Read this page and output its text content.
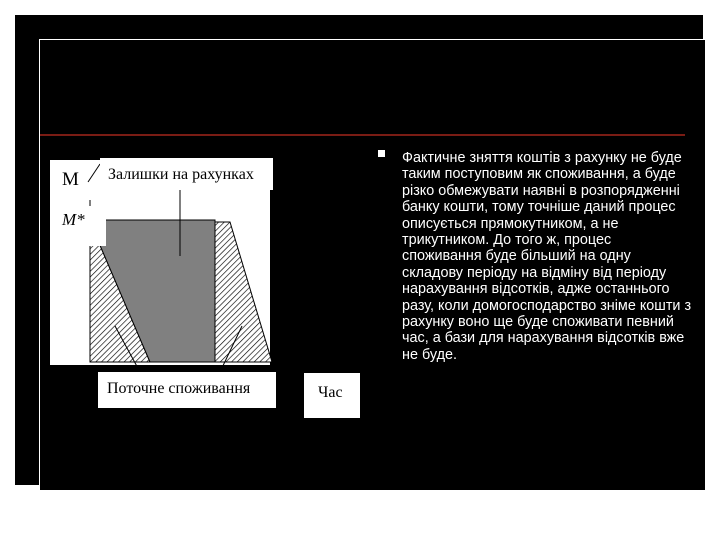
M
M*
Залишки на рахунках
Поточне споживання	Час
Фактичне зняття коштів з рахунку не буде таким поступовим як споживання, а буде різко обмежувати наявні в розпорядженні банку кошти, тому точніше даний процес описується прямокутником, а не трикутником. До того ж, процес споживання буде більший на одну складову періоду на відміну від періоду нарахування відсотків, адже останнього разу, коли домогосподарство зніме кошти з рахунку воно ще буде споживати певний час, а бази для нарахування відсотків вже не буде.
